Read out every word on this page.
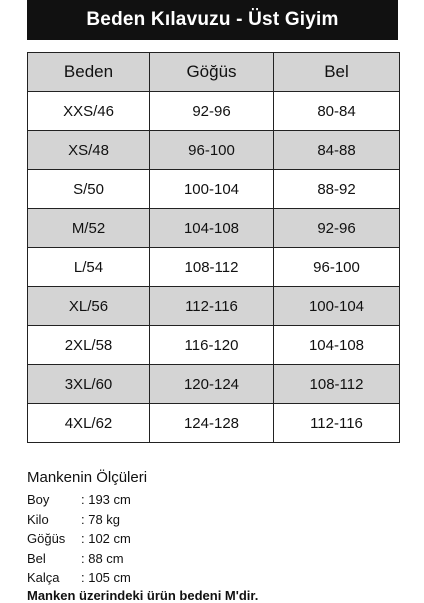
Beden Kılavuzu - Üst Giyim
Beden	Göğüs	Bel
XXS/46	92-96	80-84
XS/48	96-100	84-88
S/50	100-104	88-92
M/52	104-108	92-96
L/54	108-112	96-100
XL/56	112-116	100-104
2XL/58	116-120	104-108
3XL/60	120-124	108-112
4XL/62	124-128	112-116
Mankenin Ölçüleri
Boy	: 193 cm
Kilo	: 78 kg
Göğüs	: 102 cm
Bel	: 88 cm
Kalça	: 105 cm
Manken üzerindeki ürün bedeni M'dir.
